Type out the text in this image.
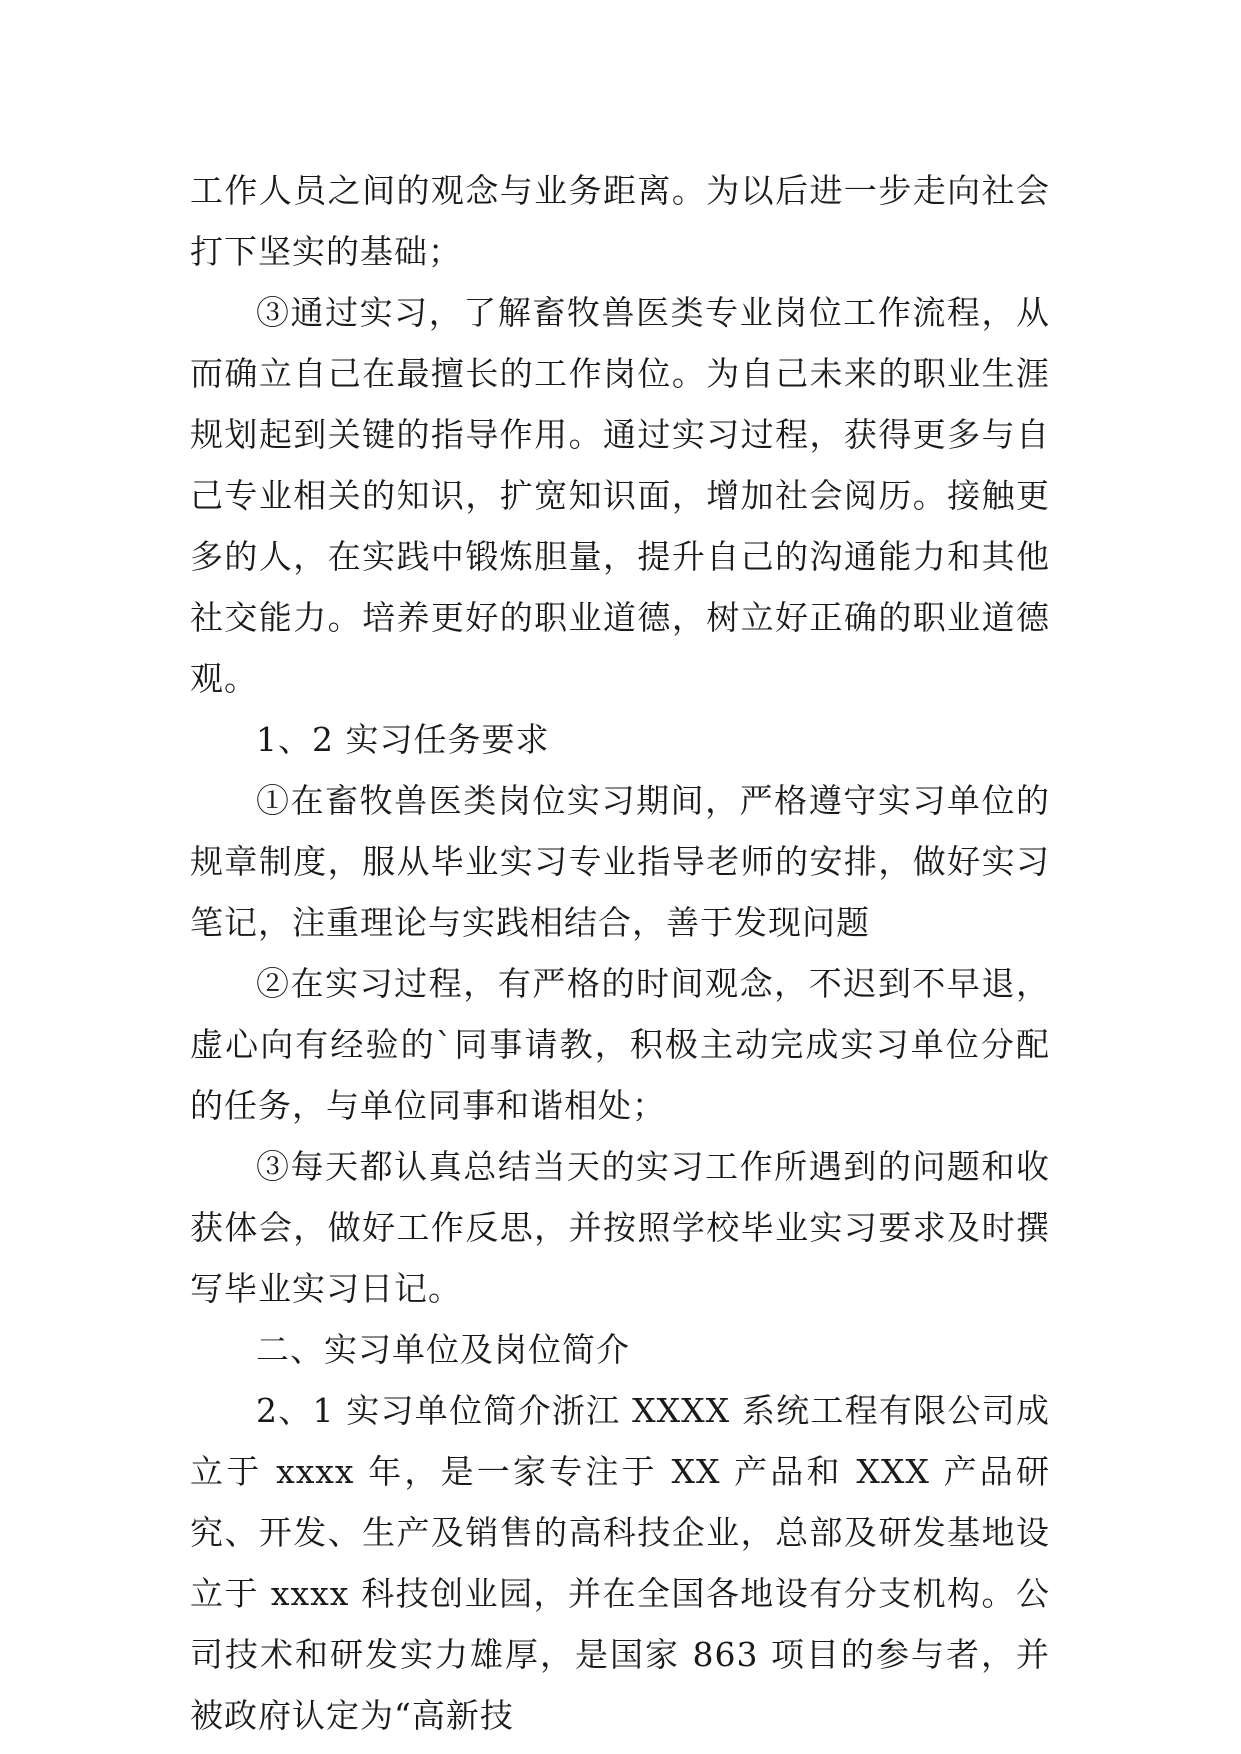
工作人员之间的观念与业务距离。为以后进一步走向社会打下坚实的基础；

③通过实习，了解畜牧兽医类专业岗位工作流程，从而确立自己在最擅长的工作岗位。为自己未来的职业生涯规划起到关键的指导作用。通过实习过程，获得更多与自己专业相关的知识，扩宽知识面，增加社会阅历。接触更多的人，在实践中锻炼胆量，提升自己的沟通能力和其他社交能力。培养更好的职业道德，树立好正确的职业道德观。

1、2 实习任务要求

①在畜牧兽医类岗位实习期间，严格遵守实习单位的规章制度，服从毕业实习专业指导老师的安排，做好实习笔记，注重理论与实践相结合，善于发现问题

②在实习过程，有严格的时间观念，不迟到不早退，虚心向有经验的`同事请教，积极主动完成实习单位分配的任务，与单位同事和谐相处；

③每天都认真总结当天的实习工作所遇到的问题和收获体会，做好工作反思，并按照学校毕业实习要求及时撰写毕业实习日记。

二、实习单位及岗位简介

2、1 实习单位简介浙江 XXXX 系统工程有限公司成立于 xxxx 年，是一家专注于 XX 产品和 XXX 产品研究、开发、生产及销售的高科技企业，总部及研发基地设立于 xxxx 科技创业园，并在全国各地设有分支机构。公司技术和研发实力雄厚，是国家 863 项目的参与者，并被政府认定为“高新技
